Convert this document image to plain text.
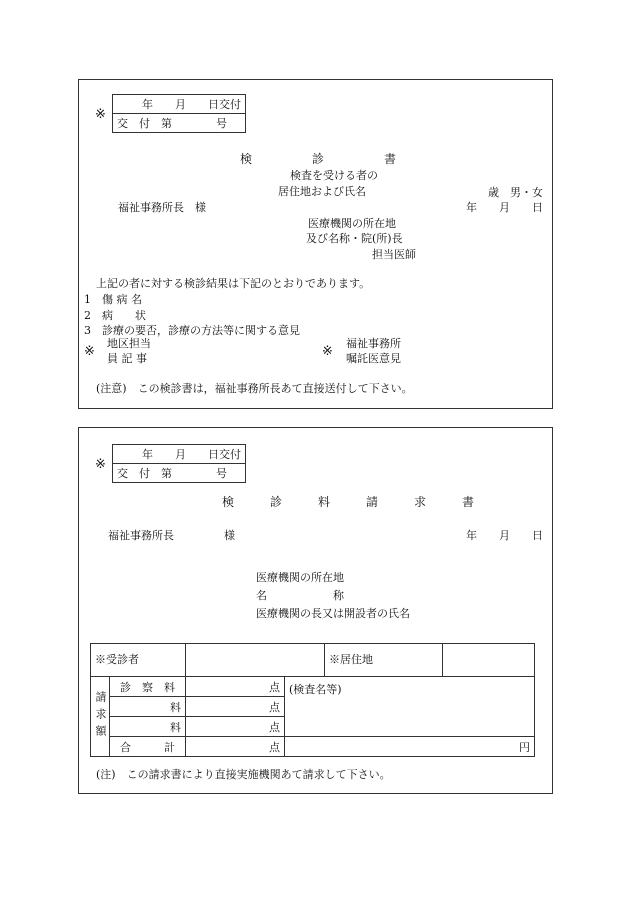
※
年　　月　　日交付
交　付　第　　　　号
検　　　　　診　　　　　書
検査を受ける者の
居住地および氏名	歳　男・女
福祉事務所長　様	年　　月　　日
医療機関の所在地
及び名称・院(所)長
担当医師
上記の者に対する検診結果は下記のとおりであります。
1　傷 病 名
2　病　　状
3　診療の要否，診療の方法等に関する意見
※
地区担当
員 記 事	※
福祉事務所
嘱託医意見
(注意)　この検診書は，福祉事務所長あて直接送付して下さい。
※
年　　月　　日交付
交　付　第　　　　号
検　　　診　　　料　　　請　　　求　　　書
福祉事務所長	様	年　　月　　日
医療機関の所在地
名　　　　　　称
医療機関の長又は開設者の氏名
※受診者		※居住地		

請求額	診　察　料	点	(検査名等)	
	料	点		
	料	点		
	合　　　計	点	円	
(注)　この請求書により直接実施機関あて請求して下さい。
